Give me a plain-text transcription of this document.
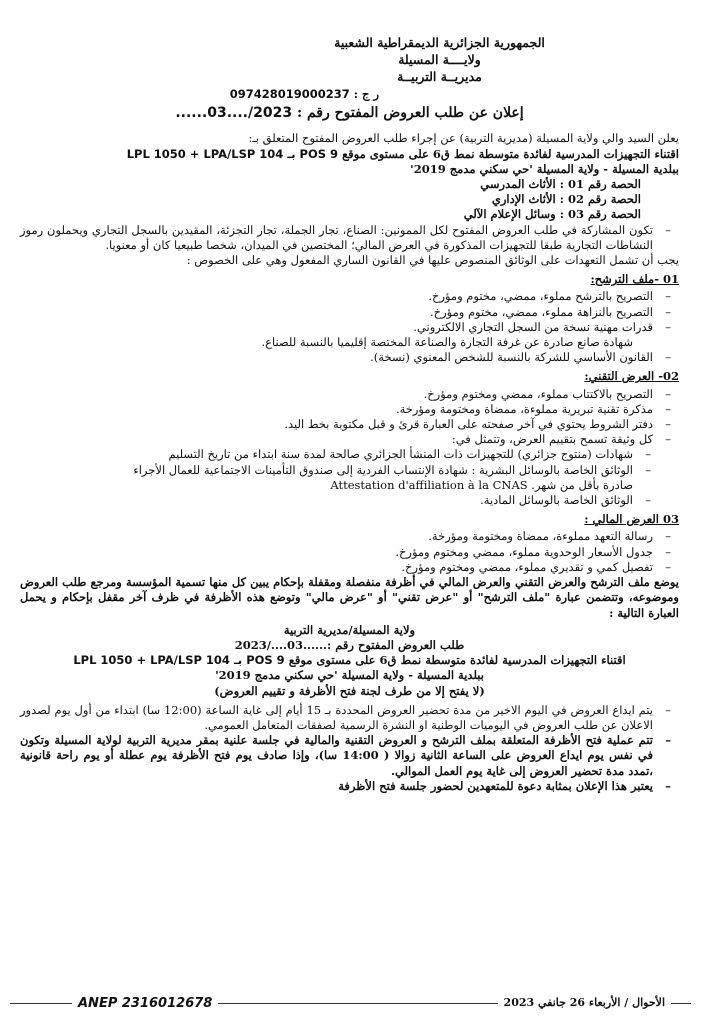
الجمهورية الجزائرية الديمقراطية الشعبية
ولايــــة المسيلة
مديريــة التربيــة
ر ج : 097428019000237
إعلان عن طلب العروض المفتوح رقم : ......03..../2023

يعلن السيد والي ولاية المسيلة (مديرية التربية) عن إجراء طلب العروض المفتوح المتعلق بـ:

اقتناء التجهيزات المدرسية لفائدة متوسطة نمط ق6 على مستوى موقع LPL 1050 + LPA/LSP 104 بـ POS 9

ببلدية المسيلة - ولاية المسيلة 'حي سكني مدمج 2019'

الحصة رقم 01 : الأثاث المدرسي
الحصة رقم 02 : الأثاث الإداري
الحصة رقم 03 : وسائل الإعلام الآلي
– تكون المشاركة في طلب العروض المفتوح لكل الممونين: الصناع، تجار الجملة، تجار التجزئة، المقيدين بالسجل التجاري ويحملون رموز النشاطات التجارية طبقا للتجهيزات المذكورة في العرض المالي؛ المختصين في الميدان، شخصا طبيعيا كان أو معنويا.

يجب أن تشمل التعهدات على الوثائق المنصوص عليها في القانون الساري المفعول وهي على الخصوص :

01 -ملف الترشح:
– التصريح بالترشح مملوء، ممضي، مختوم ومؤرخ.
– التصريح بالنزاهة مملوء، ممضي، مختوم ومؤرخ.
– قدرات مهنية نسخة من السجل التجاري الالكتروني.

شهادة صانع صادرة عن غرفة التجارة والصناعة المختصة إقليميا بالنسبة للصناع.

– القانون الأساسي للشركة بالنسبة للشخص المعنوي (نسخة).
02- العرض التقني:
– التصريح بالاكتتاب مملوء، ممضي ومختوم ومؤرخ.
– مذكرة تقنية تبريرية مملوءة، ممضاة ومختومة ومؤرخة.
– دفتر الشروط يحتوي في آخر صفحته على العبارة قرئ و قبل مكتوبة بخط اليد.
– كل وثيقة تسمح بتقييم العرض، وتتمثل في:
– شهادات (منتوج جزائري) للتجهيزات ذات المنشأ الجزائري صالحة لمدة سنة ابتداء من تاريخ التسليم
– الوثائق الخاصة بالوسائل البشرية : شهادة الإنتساب الفردية إلى صندوق التأمينات الاجتماعية للعمال الأجراء

صادرة بأقل من شهر. Attestation d'affiliation à la CNAS

– الوثائق الخاصة بالوسائل المادية.
03 العرض المالي :
– رسالة التعهد مملوءة، ممضاة ومختومة ومؤرخة.
– جدول الأسعار الوحدوية مملوء، ممضي ومختوم ومؤرخ.
– تفصيل كمي و تقديري مملوء، ممضي ومختوم ومؤرخ.

يوضع ملف الترشح والعرض التقني والعرض المالي في أظرفة منفصلة ومقفلة بإحكام يبين كل منها تسمية المؤسسة ومرجع طلب العروض وموضوعه، وتتضمن عبارة "ملف الترشح" أو "عرض تقني" أو "عرض مالي" وتوضع هذه الأظرفة في ظرف آخر مقفل بإحكام و يحمل العبارة التالية :

ولاية المسيلة/مديرية التربية
طلب العروض المفتوح رقم :......03..../2023
اقتناء التجهيزات المدرسية لفائدة متوسطة نمط ق6 على مستوى موقع LPL 1050 + LPA/LSP 104 بـ POS 9
ببلدية المسيلة - ولاية المسيلة 'حي سكني مدمج 2019'
(لا يفتح إلا من طرف لجنة فتح الأظرفة و تقييم العروض)
– يتم ايداع العروض في اليوم الاخير من مدة تحضير العروض المحددة بـ 15 أيام إلى غاية الساعة (12:00 سا) ابتداء من أول يوم لصدور الاعلان عن طلب العروض في اليوميات الوطنية او النشرة الرسمية لصفقات المتعامل العمومي.
– تتم عملية فتح الأظرفة المتعلقة بملف الترشح و العروض التقنية والمالية في جلسة علنية بمقر مديرية التربية لولاية المسيلة وتكون في نفس يوم ايداع العروض على الساعة الثانية زوالا ( 14:00 سا)، وإذا صادف يوم فتح الأظرفة يوم عطلة أو يوم راحة قانونية ،تمدد مدة تحضير العروض إلى غاية يوم العمل الموالي.
– يعتبر هذا الإعلان بمثابة دعوة للمتعهدين لحضور جلسة فتح الأظرفة
ANEP 2316012678	الأحوال / الأربعاء 26 جانفي 2023
